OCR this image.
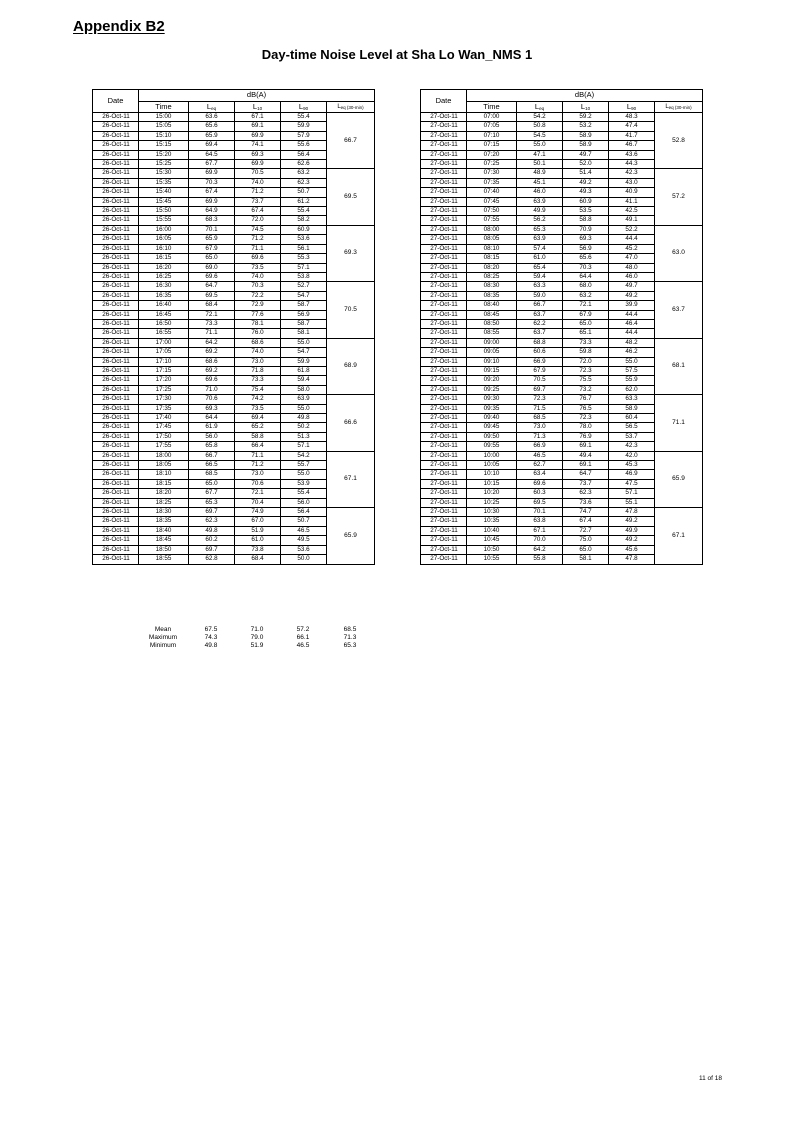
Appendix B2
Day-time Noise Level at Sha Lo Wan_NMS 1
Date	dB(A)				
	Time	$L_{eq}$	$L_{10}$	$L_{90}$	$L_{eq (30-min)}$
26-Oct-11	15:00	63.6	67.1	55.4	66.7
26-Oct-11	15:05	65.6	69.1	59.9	
26-Oct-11	15:10	65.9	69.9	57.9	
26-Oct-11	15:15	69.4	74.1	55.6	
26-Oct-11	15:20	64.5	69.3	56.4	
26-Oct-11	15:25	67.7	69.9	62.6	
26-Oct-11	15:30	69.9	70.5	63.2	69.5
26-Oct-11	15:35	70.3	74.0	62.3	
26-Oct-11	15:40	67.4	71.2	50.7	
26-Oct-11	15:45	69.9	73.7	61.2	
26-Oct-11	15:50	64.9	67.4	55.4	
26-Oct-11	15:55	68.3	72.0	58.2	
26-Oct-11	16:00	70.1	74.5	60.9	69.3
26-Oct-11	16:05	65.9	71.2	53.6	
26-Oct-11	16:10	67.9	71.1	56.1	
26-Oct-11	16:15	65.0	69.6	55.3	
26-Oct-11	16:20	69.0	73.5	57.1	
26-Oct-11	16:25	69.6	74.0	53.8	
26-Oct-11	16:30	64.7	70.3	52.7	70.5
26-Oct-11	16:35	69.5	72.2	54.7	
26-Oct-11	16:40	68.4	72.9	58.7	
26-Oct-11	16:45	72.1	77.6	56.9	
26-Oct-11	16:50	73.3	78.1	58.7	
26-Oct-11	16:55	71.1	76.0	58.1	
26-Oct-11	17:00	64.2	68.6	55.0	68.9
26-Oct-11	17:05	69.2	74.0	54.7	
26-Oct-11	17:10	68.6	73.0	59.9	
26-Oct-11	17:15	69.2	71.8	61.8	
26-Oct-11	17:20	69.6	73.3	59.4	
26-Oct-11	17:25	71.0	75.4	58.0	
26-Oct-11	17:30	70.6	74.2	63.9	66.6
26-Oct-11	17:35	69.3	73.5	55.0	
26-Oct-11	17:40	64.4	69.4	49.8	
26-Oct-11	17:45	61.9	65.2	50.2	
26-Oct-11	17:50	56.0	58.8	51.3	
26-Oct-11	17:55	65.8	66.4	57.1	
26-Oct-11	18:00	66.7	71.1	54.2	67.1
26-Oct-11	18:05	66.5	71.2	55.7	
26-Oct-11	18:10	68.5	73.0	55.0	
26-Oct-11	18:15	65.0	70.6	53.9	
26-Oct-11	18:20	67.7	72.1	55.4	
26-Oct-11	18:25	65.3	70.4	56.0	
26-Oct-11	18:30	69.7	74.9	56.4	65.9
26-Oct-11	18:35	62.3	67.0	50.7	
26-Oct-11	18:40	49.8	51.9	46.5	
26-Oct-11	18:45	60.2	61.0	49.5	
26-Oct-11	18:50	69.7	73.8	53.6	
26-Oct-11	18:55	62.8	68.4	50.0	
Date	dB(A)				
	Time	$L_{eq}$	$L_{10}$	$L_{90}$	$L_{eq (30-min)}$
27-Oct-11	07:00	54.2	59.2	48.3	52.8
27-Oct-11	07:05	50.8	53.2	47.4	
27-Oct-11	07:10	54.5	58.9	41.7	
27-Oct-11	07:15	55.0	58.9	46.7	
27-Oct-11	07:20	47.1	49.7	43.6	
27-Oct-11	07:25	50.1	52.0	44.3	
27-Oct-11	07:30	48.9	51.4	42.3	57.2
27-Oct-11	07:35	45.1	49.2	43.0	
27-Oct-11	07:40	46.0	49.3	40.9	
27-Oct-11	07:45	63.9	60.9	41.1	
27-Oct-11	07:50	49.9	53.5	42.5	
27-Oct-11	07:55	56.2	58.8	49.1	
27-Oct-11	08:00	65.3	70.9	52.2	63.0
27-Oct-11	08:05	63.9	69.3	44.4	
27-Oct-11	08:10	57.4	56.9	45.2	
27-Oct-11	08:15	61.0	65.6	47.0	
27-Oct-11	08:20	65.4	70.3	48.0	
27-Oct-11	08:25	59.4	64.4	46.0	
27-Oct-11	08:30	63.3	68.0	49.7	63.7
27-Oct-11	08:35	59.0	63.2	49.2	
27-Oct-11	08:40	66.7	72.1	39.9	
27-Oct-11	08:45	63.7	67.9	44.4	
27-Oct-11	08:50	62.2	65.0	46.4	
27-Oct-11	08:55	63.7	65.1	44.4	
27-Oct-11	09:00	68.8	73.3	48.2	68.1
27-Oct-11	09:05	60.6	59.8	46.2	
27-Oct-11	09:10	66.9	72.0	55.0	
27-Oct-11	09:15	67.9	72.3	57.5	
27-Oct-11	09:20	70.5	75.5	55.9	
27-Oct-11	09:25	69.7	73.2	62.0	
27-Oct-11	09:30	72.3	76.7	63.3	71.1
27-Oct-11	09:35	71.5	76.5	58.9	
27-Oct-11	09:40	68.5	72.3	60.4	
27-Oct-11	09:45	73.0	78.0	56.5	
27-Oct-11	09:50	71.3	76.9	53.7	
27-Oct-11	09:55	66.9	69.1	42.3	
27-Oct-11	10:00	46.5	49.4	42.0	65.9
27-Oct-11	10:05	62.7	69.1	45.3	
27-Oct-11	10:10	63.4	64.7	46.9	
27-Oct-11	10:15	69.6	73.7	47.5	
27-Oct-11	10:20	60.3	62.3	57.1	
27-Oct-11	10:25	69.5	73.6	55.1	
27-Oct-11	10:30	70.1	74.7	47.8	67.1
27-Oct-11	10:35	63.8	67.4	49.2	
27-Oct-11	10:40	67.1	72.7	49.9	
27-Oct-11	10:45	70.0	75.0	49.2	
27-Oct-11	10:50	64.2	65.0	45.6	
27-Oct-11	10:55	55.8	58.1	47.8	
	Mean	67.5	71.0	57.2	68.5
	Maximum	74.3	79.0	66.1	71.3
	Minimum	49.8	51.9	46.5	65.3
11 of 18
